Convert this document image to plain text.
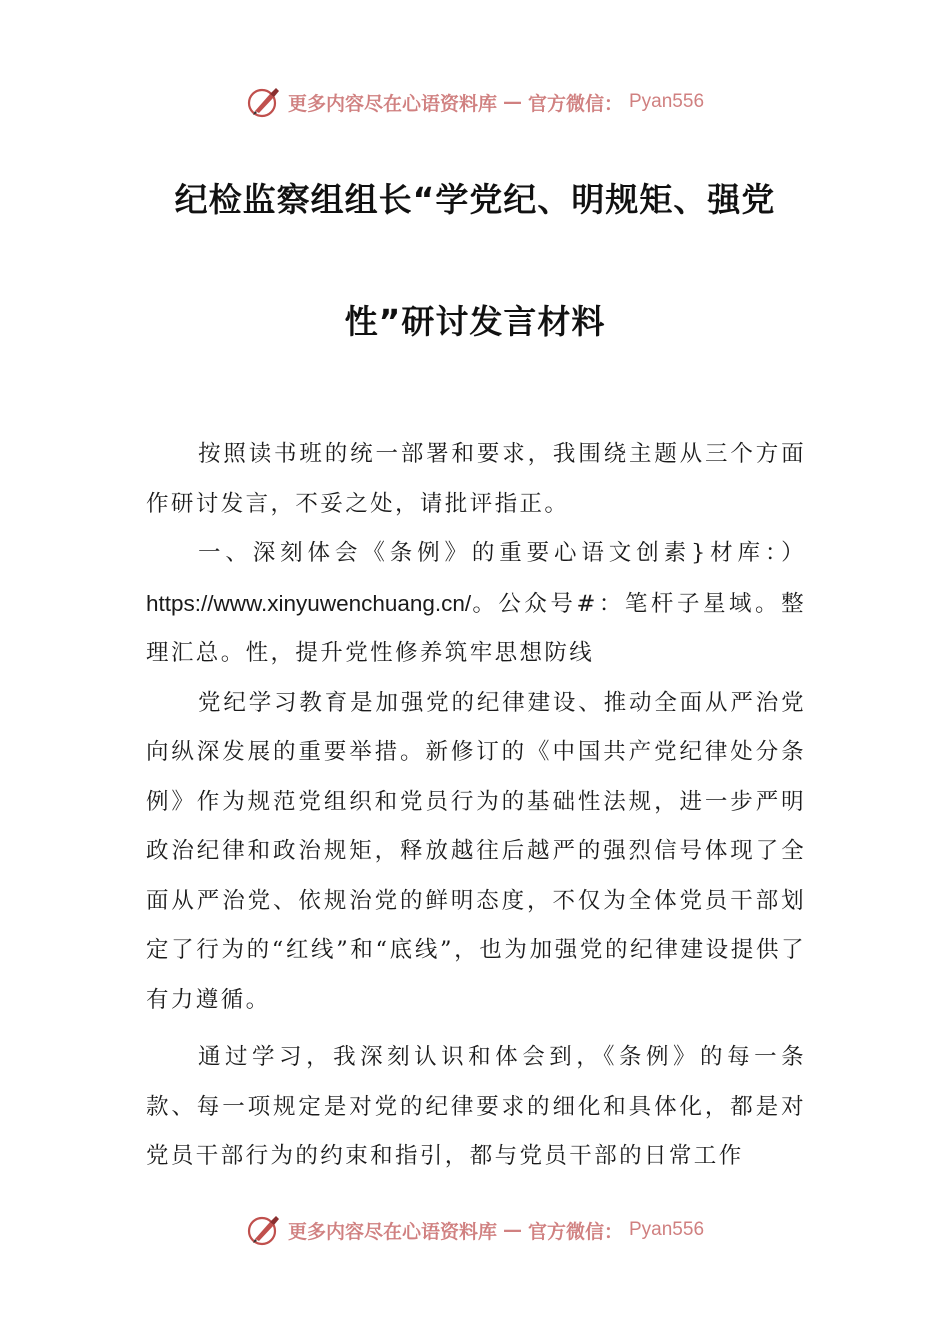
更多内容尽在心语资料库 — 官方微信： Pyan556
纪检监察组组长“学党纪、明规矩、强党
性”研讨发言材料

按照读书班的统一部署和要求，我围绕主题从三个方面作研讨发言，不妥之处，请批评指正。

一、深刻体会《条例》的重要心语文创素}材库：）https://www.xinyuwenchuang.cn/。公众号#：笔杆子星域。整理汇总。性，提升党性修养筑牢思想防线

党纪学习教育是加强党的纪律建设、推动全面从严治党向纵深发展的重要举措。新修订的《中国共产党纪律处分条例》作为规范党组织和党员行为的基础性法规，进一步严明政治纪律和政治规矩，释放越往后越严的强烈信号体现了全面从严治党、依规治党的鲜明态度，不仅为全体党员干部划定了行为的“红线”和“底线”，也为加强党的纪律建设提供了有力遵循。

通过学习，我深刻认识和体会到，《条例》的每一条款、每一项规定是对党的纪律要求的细化和具体化，都是对党员干部行为的约束和指引，都与党员干部的日常工作

更多内容尽在心语资料库 — 官方微信： Pyan556
